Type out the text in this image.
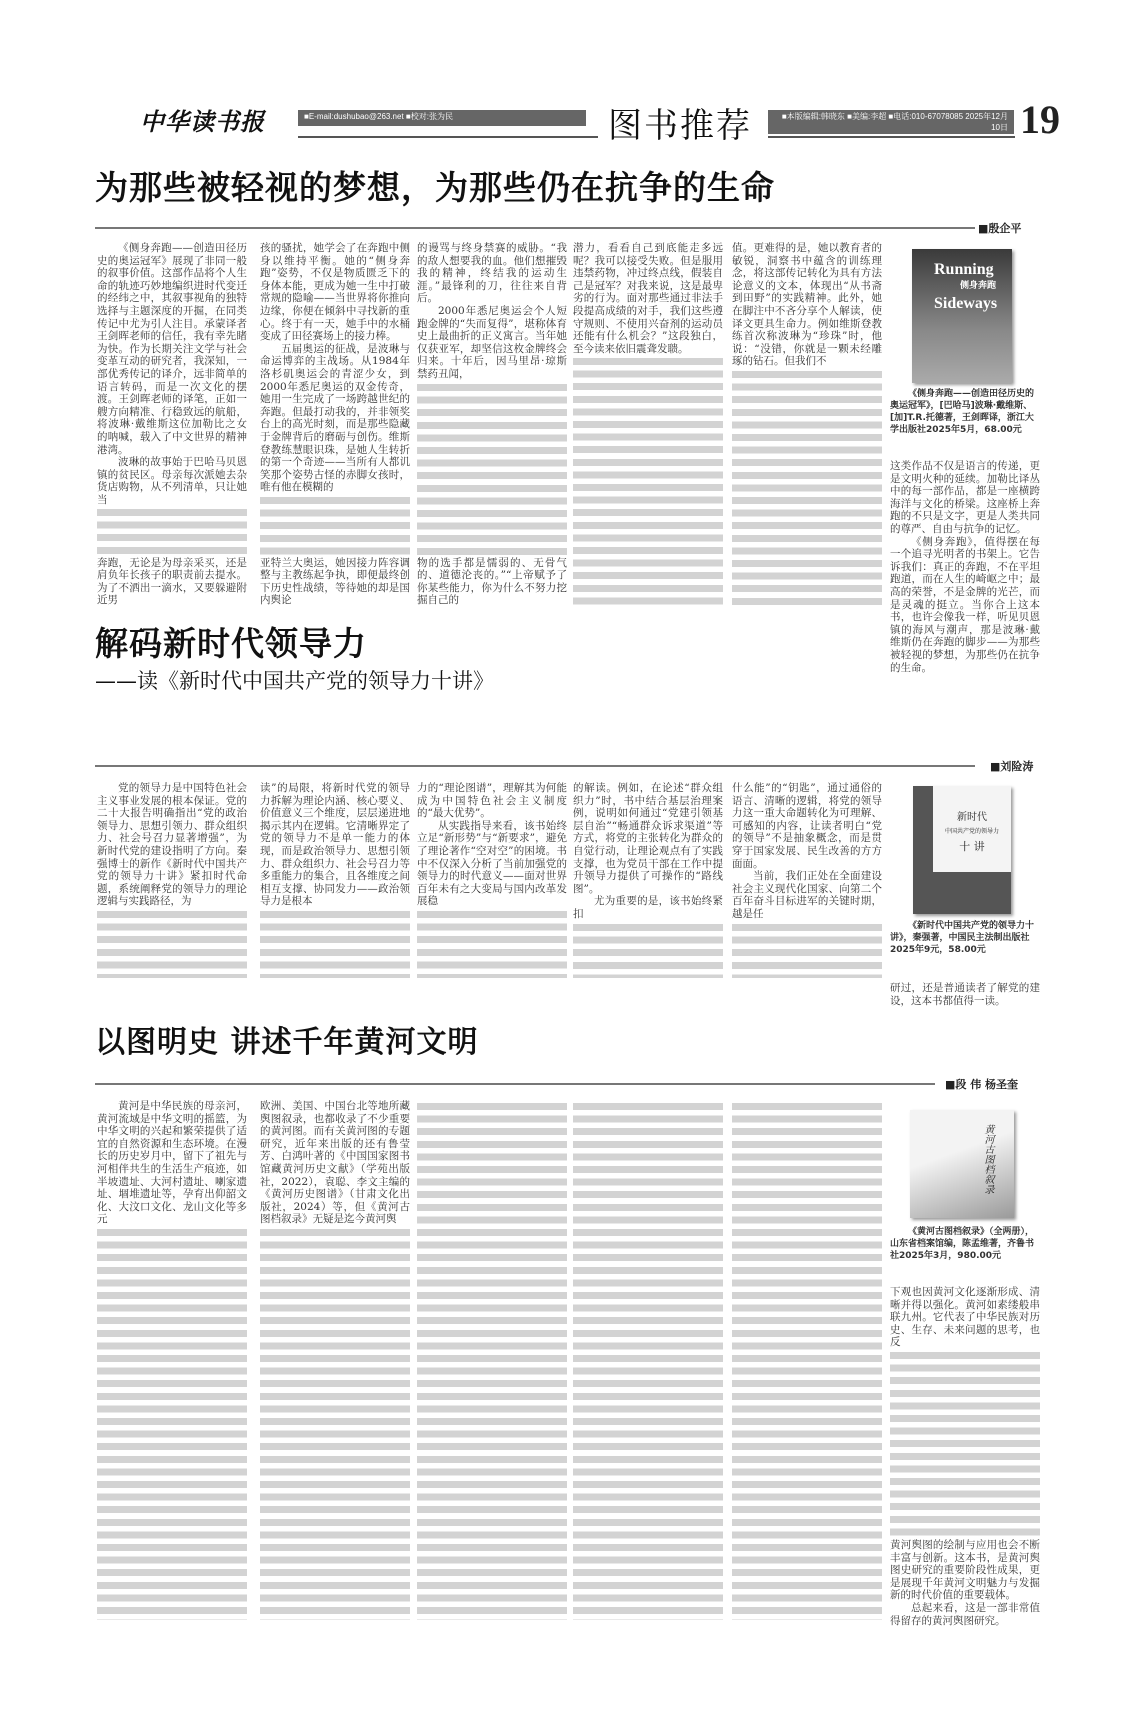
中华读书报	■E-mail:dushubao@263.net ■校对:张为民	图书推荐	■本版编辑:韩晓东 ■美编:李超 ■电话:010-67078085 2025年12月10日 19
为那些被轻视的梦想，为那些仍在抗争的生命
■殷企平

《侧身奔跑——创造田径历史的奥运冠军》展现了非同一般的叙事价值。这部作品将个人生命的轨迹巧妙地编织进时代变迁的经纬之中，其叙事视角的独特选择与主题深度的开掘，在同类传记中尤为引人注目。承蒙译者王剑晖老师的信任，我有幸先睹为快。作为长期关注文学与社会变革互动的研究者，我深知，一部优秀传记的译介，远非简单的语言转码，而是一次文化的摆渡。王剑晖老师的译笔，正如一艘方向精准、行稳致远的航船，将波琳·戴维斯这位加勒比之女的呐喊，载入了中文世界的精神港湾。

波琳的故事始于巴哈马贝恩镇的贫民区。母亲每次派她去杂货店购物，从不列清单，只让她当

奔跑，无论是为母亲采买，还是肩负年长孩子的职责前去提水。为了不洒出一滴水，又要躲避附近男

孩的骚扰，她学会了在奔跑中侧身以维持平衡。她的“侧身奔跑”姿势，不仅是物质匮乏下的身体本能，更成为她一生中打破常规的隐喻——当世界将你推向边缘，你便在倾斜中寻找新的重心。终于有一天，她手中的水桶变成了田径赛场上的接力棒。

五届奥运的征战，是波琳与命运博弈的主战场。从1984年洛杉矶奥运会的青涩少女，到2000年悉尼奥运的双金传奇，她用一生完成了一场跨越世纪的奔跑。但最打动我的，并非领奖台上的高光时刻，而是那些隐藏于金牌背后的磨砺与创伤。维斯登教练慧眼识珠，是她人生转折的第一个奇迹——当所有人都讥笑那个姿势古怪的赤脚女孩时，唯有他在模糊的

亚特兰大奥运，她因接力阵容调整与主教练起争执，即便最终创下历史性战绩，等待她的却是国内舆论

的谩骂与终身禁赛的威胁。“我的敌人想要我的血。他们想摧毁我的精神，终结我的运动生涯。”最锋利的刀，往往来自背后。

2000年悉尼奥运会个人短跑金牌的“失而复得”，堪称体育史上最曲折的正义寓言。当年她仅获亚军，却坚信这枚金牌终会归来。十年后，因马里昂·琼斯禁药丑闻，

物的选手都是懦弱的、无骨气的、道德沦丧的。”“上帝赋予了你某些能力，你为什么不努力挖掘自己的

潜力，看看自己到底能走多远呢？我可以接受失败。但是服用违禁药物，冲过终点线，假装自己是冠军？对我来说，这是最卑劣的行为。面对那些通过非法手段提高成绩的对手，我们这些遵守规则、不使用兴奋剂的运动员还能有什么机会？”这段独白，至今读来依旧震聋发聩。

值。更难得的是，她以教育者的敏锐，洞察书中蕴含的训练理念，将这部传记转化为具有方法论意义的文本，体现出“从书斋到田野”的实践精神。此外，她在脚注中不吝分享个人解读，使译文更具生命力。例如维斯登教练首次称波琳为“珍珠”时，他说：“没错，你就是一颗未经雕琢的钻石。但我们不

Running
侧身奔跑
Sideways
《侧身奔跑——创造田径历史的奥运冠军》，[巴哈马]波琳·戴维斯、[加]T.R.托德著，王剑晖译，浙江大学出版社2025年5月，68.00元

这类作品不仅是语言的传递，更是文明火种的延续。加勒比译丛中的每一部作品，都是一座横跨海洋与文化的桥梁。这座桥上奔跑的不只是文字，更是人类共同的尊严、自由与抗争的记忆。

《侧身奔跑》，值得摆在每一个追寻光明者的书架上。它告诉我们：真正的奔跑，不在平坦跑道，而在人生的崎岖之中；最高的荣誉，不是金牌的光芒，而是灵魂的挺立。当你合上这本书，也许会像我一样，听见贝恩镇的海风与潮声，那是波琳·戴维斯仍在奔跑的脚步——为那些被轻视的梦想，为那些仍在抗争的生命。

解码新时代领导力
——读《新时代中国共产党的领导力十讲》
■刘险涛

党的领导力是中国特色社会主义事业发展的根本保证。党的二十大报告明确指出“党的政治领导力、思想引领力、群众组织力、社会号召力显著增强”，为新时代党的建设指明了方向。秦强博士的新作《新时代中国共产党的领导力十讲》紧扣时代命题，系统阐释党的领导力的理论逻辑与实践路径，为

读”的局限，将新时代党的领导力拆解为理论内涵、核心要义、价值意义三个维度，层层递进地揭示其内在逻辑。它清晰界定了党的领导力不是单一能力的体现，而是政治领导力、思想引领力、群众组织力、社会号召力等多重能力的集合，且各维度之间相互支撑、协同发力——政治领导力是根本

力的“理论图谱”，理解其为何能成为中国特色社会主义制度的“最大优势”。

从实践指导来看，该书始终立足“新形势”与“新要求”，避免了理论著作“空对空”的困境。书中不仅深入分析了当前加强党的领导力的时代意义——面对世界百年未有之大变局与国内改革发展稳

的解读。例如，在论述“群众组织力”时，书中结合基层治理案例，说明如何通过“党建引领基层自治”“畅通群众诉求渠道”等方式，将党的主张转化为群众的自觉行动，让理论观点有了实践支撑，也为党员干部在工作中提升领导力提供了可操作的“路线图”。

尤为重要的是，该书始终紧扣

什么能”的“钥匙”，通过通俗的语言、清晰的逻辑，将党的领导力这一重大命题转化为可理解、可感知的内容，让读者明白“党的领导”不是抽象概念，而是贯穿于国家发展、民生改善的方方面面。

当前，我们正处在全面建设社会主义现代化国家、向第二个百年奋斗目标进军的关键时期，越是任

新时代
中国共产党的领导力
十 讲
《新时代中国共产党的领导力十讲》，秦强著，中国民主法制出版社2025年9元，58.00元

研过，还是普通读者了解党的建设，这本书都值得一读。

以图明史 讲述千年黄河文明
■段 伟 杨圣奎

黄河是中华民族的母亲河，黄河流域是中华文明的摇篮，为中华文明的兴起和繁荣提供了适宜的自然资源和生态环境。在漫长的历史岁月中，留下了祖先与河相伴共生的生活生产痕迹，如半坡遗址、大河村遗址、喇家遗址、堌堆遗址等，孕育出仰韶文化、大汶口文化、龙山文化等多元

欧洲、美国、中国台北等地所藏舆图叙录，也都收录了不少重要的黄河图。而有关黄河图的专题研究，近年来出版的还有鲁莹芳、白鸿叶著的《中国国家图书馆藏黄河历史文献》（学苑出版社，2022），袁聪、李文主编的《黄河历史图谱》（甘肃文化出版社，2024）等，但《黄河古图档叙录》无疑是迄今黄河舆

黄河古图档叙录
《黄河古图档叙录》（全两册），山东省档案馆编，陈孟维著，齐鲁书社2025年3月，980.00元

下观也因黄河文化逐渐形成、清晰并得以强化。黄河如素缕般串联九州。它代表了中华民族对历史、生存、未来问题的思考，也反

黄河舆图的绘制与应用也会不断丰富与创新。这本书，是黄河舆图史研究的重要阶段性成果，更是展现千年黄河文明魅力与发掘新的时代价值的重要载体。

总起来看，这是一部非常值得留存的黄河舆图研究。
